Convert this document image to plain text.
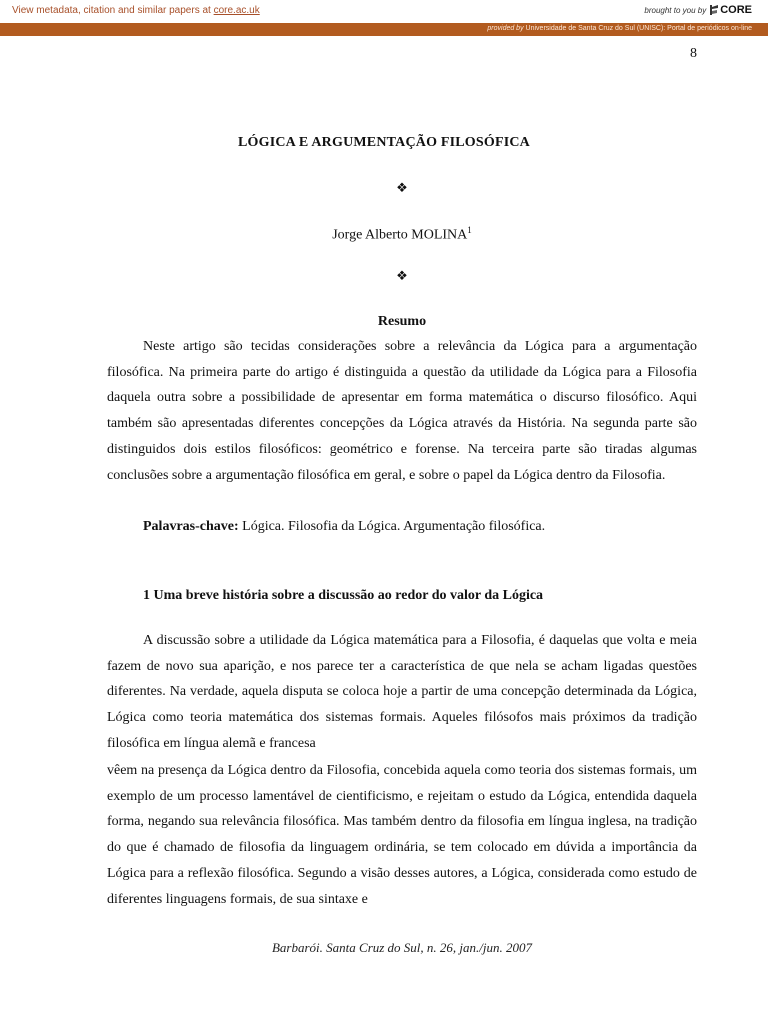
View metadata, citation and similar papers at core.ac.uk	brought to you by CORE
provided by Universidade de Santa Cruz do Sul (UNISC): Portal de periódicos on-line
8
LÓGICA E ARGUMENTAÇÃO FILOSÓFICA
❖
Jorge Alberto MOLINA$^1$
❖
Resumo

Neste artigo são tecidas considerações sobre a relevância da Lógica para a argumentação filosófica. Na primeira parte do artigo é distinguida a questão da utilidade da Lógica para a Filosofia daquela outra sobre a possibilidade de apresentar em forma matemática o discurso filosófico. Aqui também são apresentadas diferentes concepções da Lógica através da História. Na segunda parte são distinguidos dois estilos filosóficos: geométrico e forense. Na terceira parte são tiradas algumas conclusões sobre a argumentação filosófica em geral, e sobre o papel da Lógica dentro da Filosofia.

Palavras-chave: Lógica. Filosofia da Lógica. Argumentação filosófica.

1 Uma breve história sobre a discussão ao redor do valor da Lógica

A discussão sobre a utilidade da Lógica matemática para a Filosofia, é daquelas que volta e meia fazem de novo sua aparição, e nos parece ter a característica de que nela se acham ligadas questões diferentes. Na verdade, aquela disputa se coloca hoje a partir de uma concepção determinada da Lógica, Lógica como teoria matemática dos sistemas formais. Aqueles filósofos mais próximos da tradição filosófica em língua alemã e francesa

vêem na presença da Lógica dentro da Filosofia, concebida aquela como teoria dos sistemas formais, um exemplo de um processo lamentável de cientificismo, e rejeitam o estudo da Lógica, entendida daquela forma, negando sua relevância filosófica. Mas também dentro da filosofia em língua inglesa, na tradição do que é chamado de filosofia da linguagem ordinária, se tem colocado em dúvida a importância da Lógica para a reflexão filosófica. Segundo a visão desses autores, a Lógica, considerada como estudo de diferentes linguagens formais, de sua sintaxe e

Barbarói. Santa Cruz do Sul, n. 26, jan./jun. 2007
